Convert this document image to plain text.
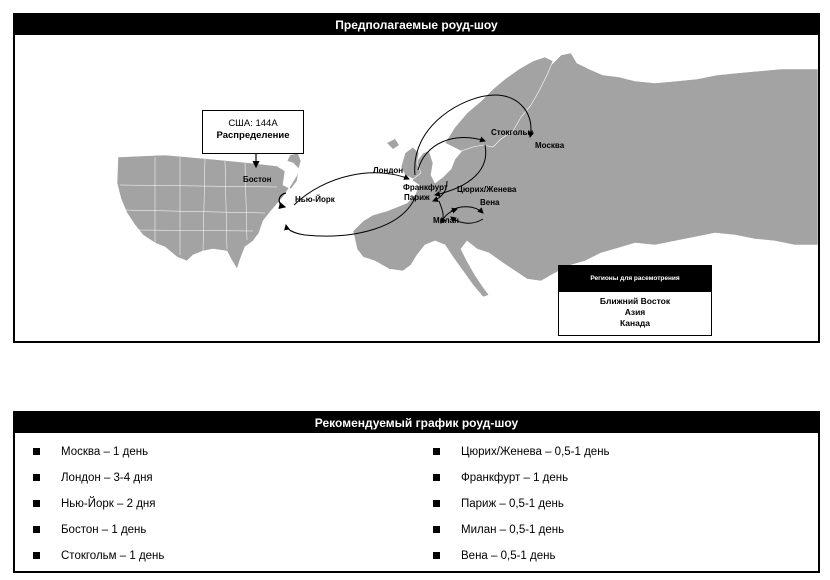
Предполагаемые роуд-шоу
США: 144А
Распределение
Бостон
Нью-Йорк
Лондон
Стокгольм
Москва
Франкфурт
Париж
Цюрих/Женева
Вена
Милан
Регионы для расемотрения
Ближний Восток
Азия
Канада
Рекомендуемый график роуд-шоу
Москва – 1 день
Лондон – 3-4 дня
Нью-Йорк – 2 дня
Бостон – 1 день
Стокгольм – 1 день
Цюрих/Женева – 0,5-1 день
Франкфурт – 1 день
Париж – 0,5-1 день
Милан – 0,5-1 день
Вена – 0,5-1 день
